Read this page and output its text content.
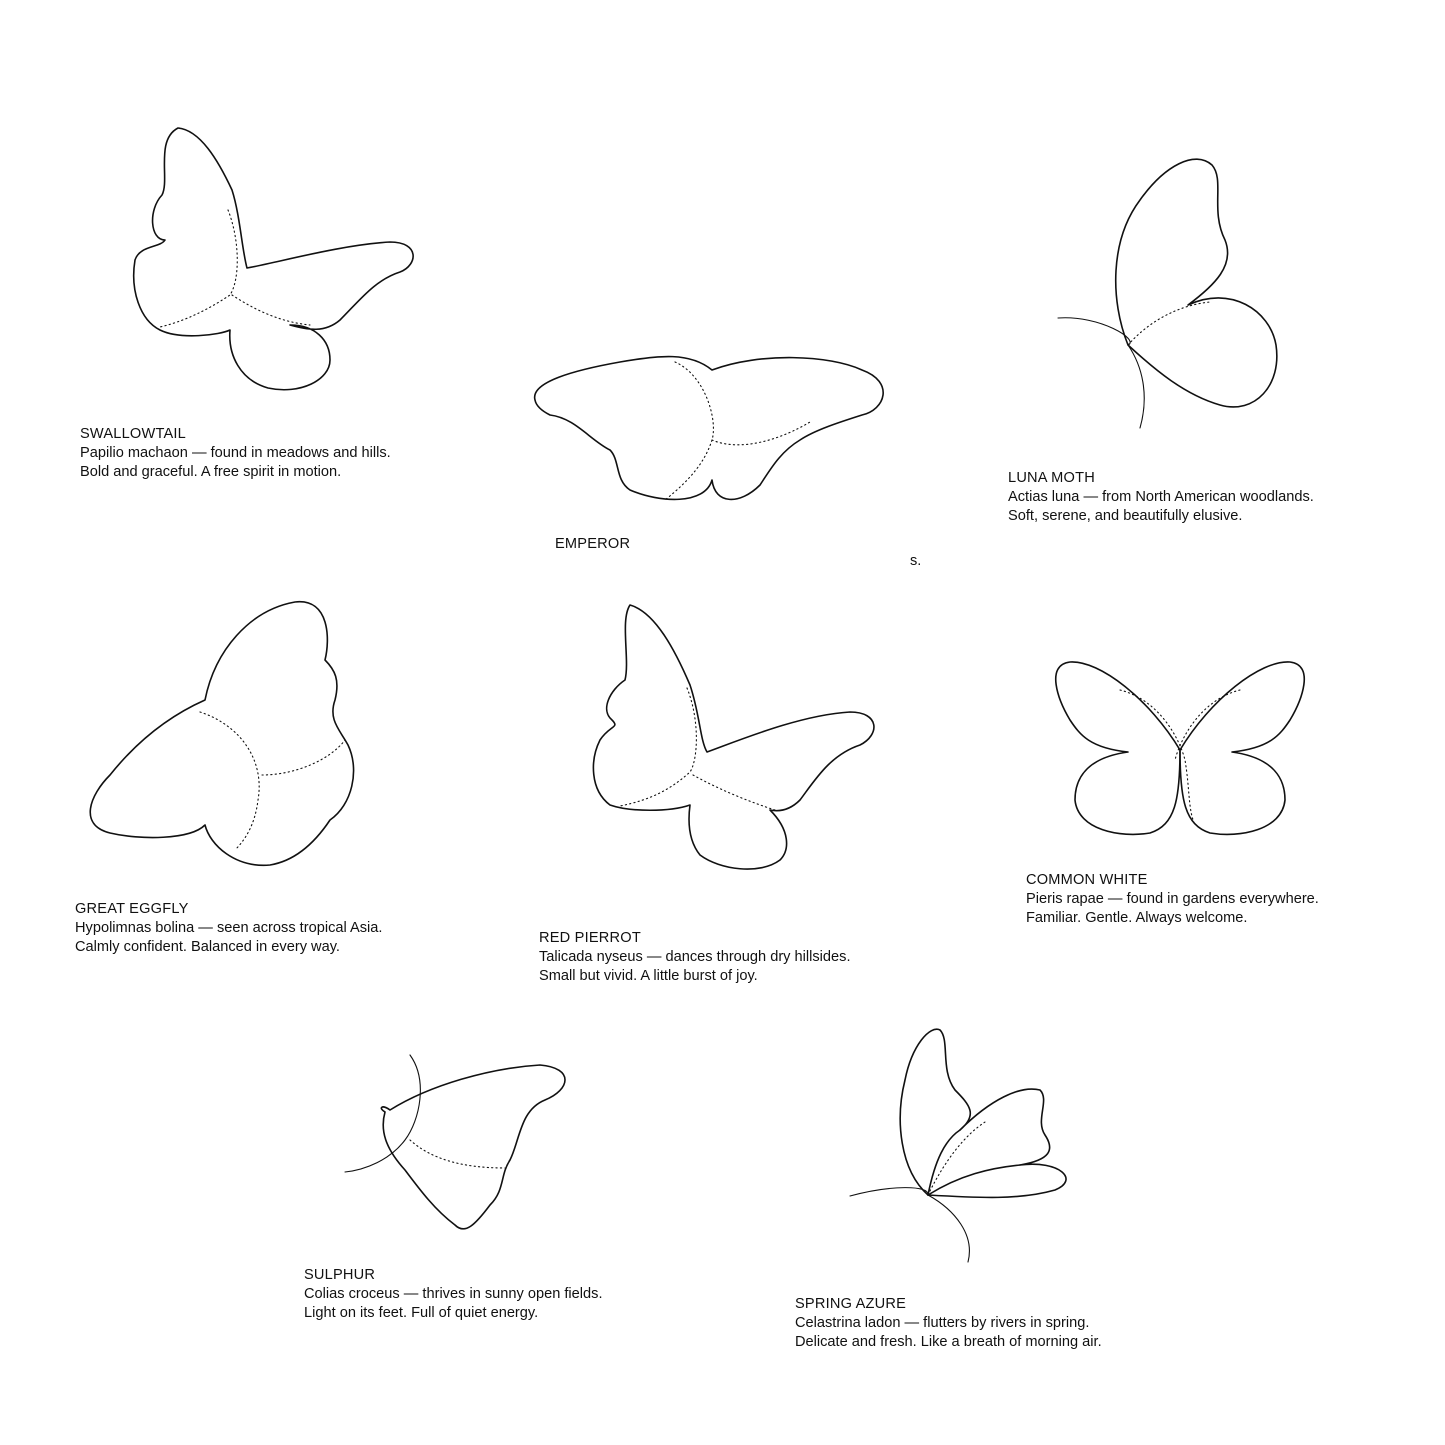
SWALLOWTAIL
Papilio machaon — found in meadows and hills.
Bold and graceful. A free spirit in motion.
EMPEROR
s.
LUNA MOTH
Actias luna — from North American woodlands.
Soft, serene, and beautifully elusive.
GREAT EGGFLY
Hypolimnas bolina — seen across tropical Asia.
Calmly confident. Balanced in every way.
RED PIERROT
Talicada nyseus — dances through dry hillsides.
Small but vivid. A little burst of joy.
COMMON WHITE
Pieris rapae — found in gardens everywhere.
Familiar. Gentle. Always welcome.
SULPHUR
Colias croceus — thrives in sunny open fields.
Light on its feet. Full of quiet energy.
SPRING AZURE
Celastrina ladon — flutters by rivers in spring.
Delicate and fresh. Like a breath of morning air.
